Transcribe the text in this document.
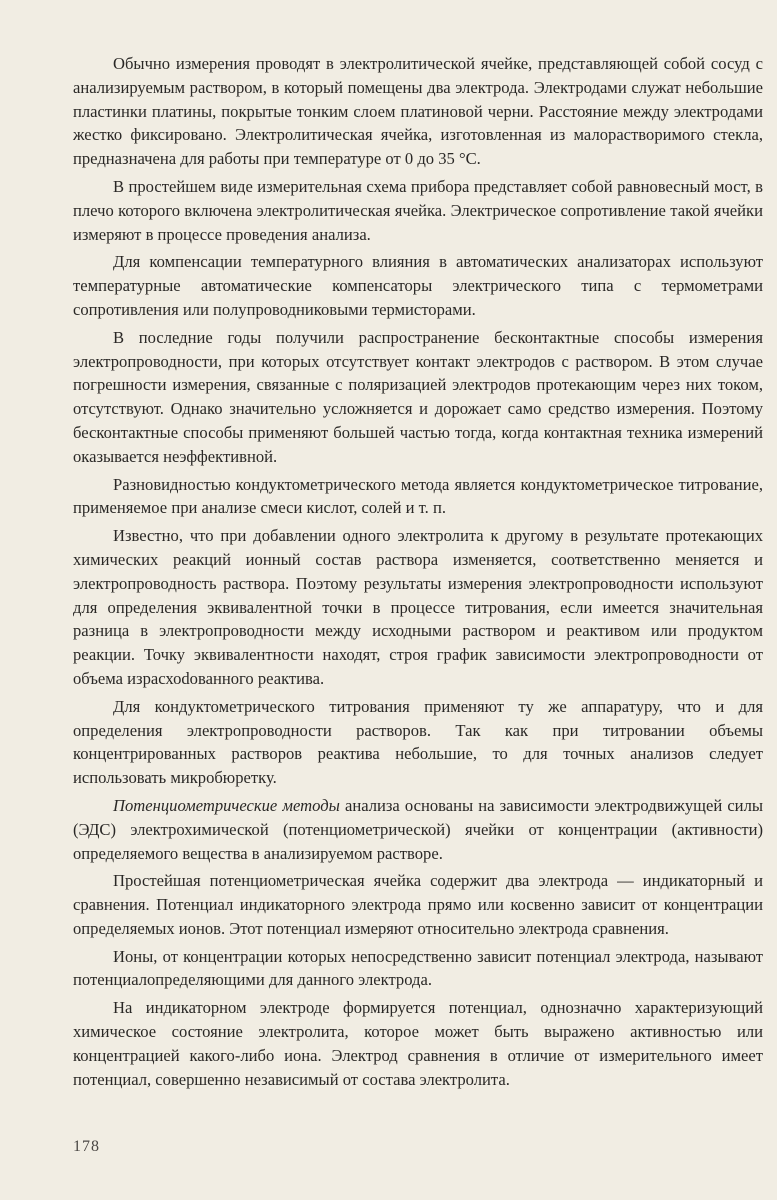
Обычно измерения проводят в электролитической ячейке, представляющей собой сосуд с анализируемым раствором, в который помещены два электрода. Электродами служат небольшие пластинки платины, покрытые тонким слоем платиновой черни. Расстояние между электродами жестко фиксировано. Электролитическая ячейка, изготовленная из малорастворимого стекла, предназначена для работы при температуре от 0 до 35 °С.

В простейшем виде измерительная схема прибора представляет собой равновесный мост, в плечо которого включена электролитическая ячейка. Электрическое сопротивление такой ячейки измеряют в процессе проведения анализа.

Для компенсации температурного влияния в автоматических анализаторах используют температурные автоматические компенсаторы электрического типа с термометрами сопротивления или полупроводниковыми термисторами.

В последние годы получили распространение бесконтактные способы измерения электропроводности, при которых отсутствует контакт электродов с раствором. В этом случае погрешности измерения, связанные с поляризацией электродов протекающим через них током, отсутствуют. Однако значительно усложняется и дорожает само средство измерения. Поэтому бесконтактные способы применяют большей частью тогда, когда контактная техника измерений оказывается неэффективной.

Разновидностью кондуктометрического метода является кондуктометрическое титрование, применяемое при анализе смеси кислот, солей и т. п.

Известно, что при добавлении одного электролита к другому в результате протекающих химических реакций ионный состав раствора изменяется, соответственно меняется и электропроводность раствора. Поэтому результаты измерения электропроводности используют для определения эквивалентной точки в процессе титрования, если имеется значительная разница в электропроводности между исходными раствором и реактивом или продуктом реакции. Точку эквивалентности находят, строя график зависимости электропроводности от объема израсхоdованного реактива.

Для кондуктометрического титрования применяют ту же аппаратуру, что и для определения электропроводности растворов. Так как при титровании объемы концентрированных растворов реактива небольшие, то для точных анализов следует использовать микробюретку.

Потенциометрические методы анализа основаны на зависимости электродвижущей силы (ЭДС) электрохимической (потенциометрической) ячейки от концентрации (активности) определяемого вещества в анализируемом растворе.

Простейшая потенциометрическая ячейка содержит два электрода — индикаторный и сравнения. Потенциал индикаторного электрода прямо или косвенно зависит от концентрации определяемых ионов. Этот потенциал измеряют относительно электрода сравнения.

Ионы, от концентрации которых непосредственно зависит потенциал электрода, называют потенциалопределяющими для данного электрода.

На индикаторном электроде формируется потенциал, однозначно характеризующий химическое состояние электролита, которое может быть выражено активностью или концентрацией какого-либо иона. Электрод сравнения в отличие от измерительного имеет потенциал, совершенно независимый от состава электролита.

178
